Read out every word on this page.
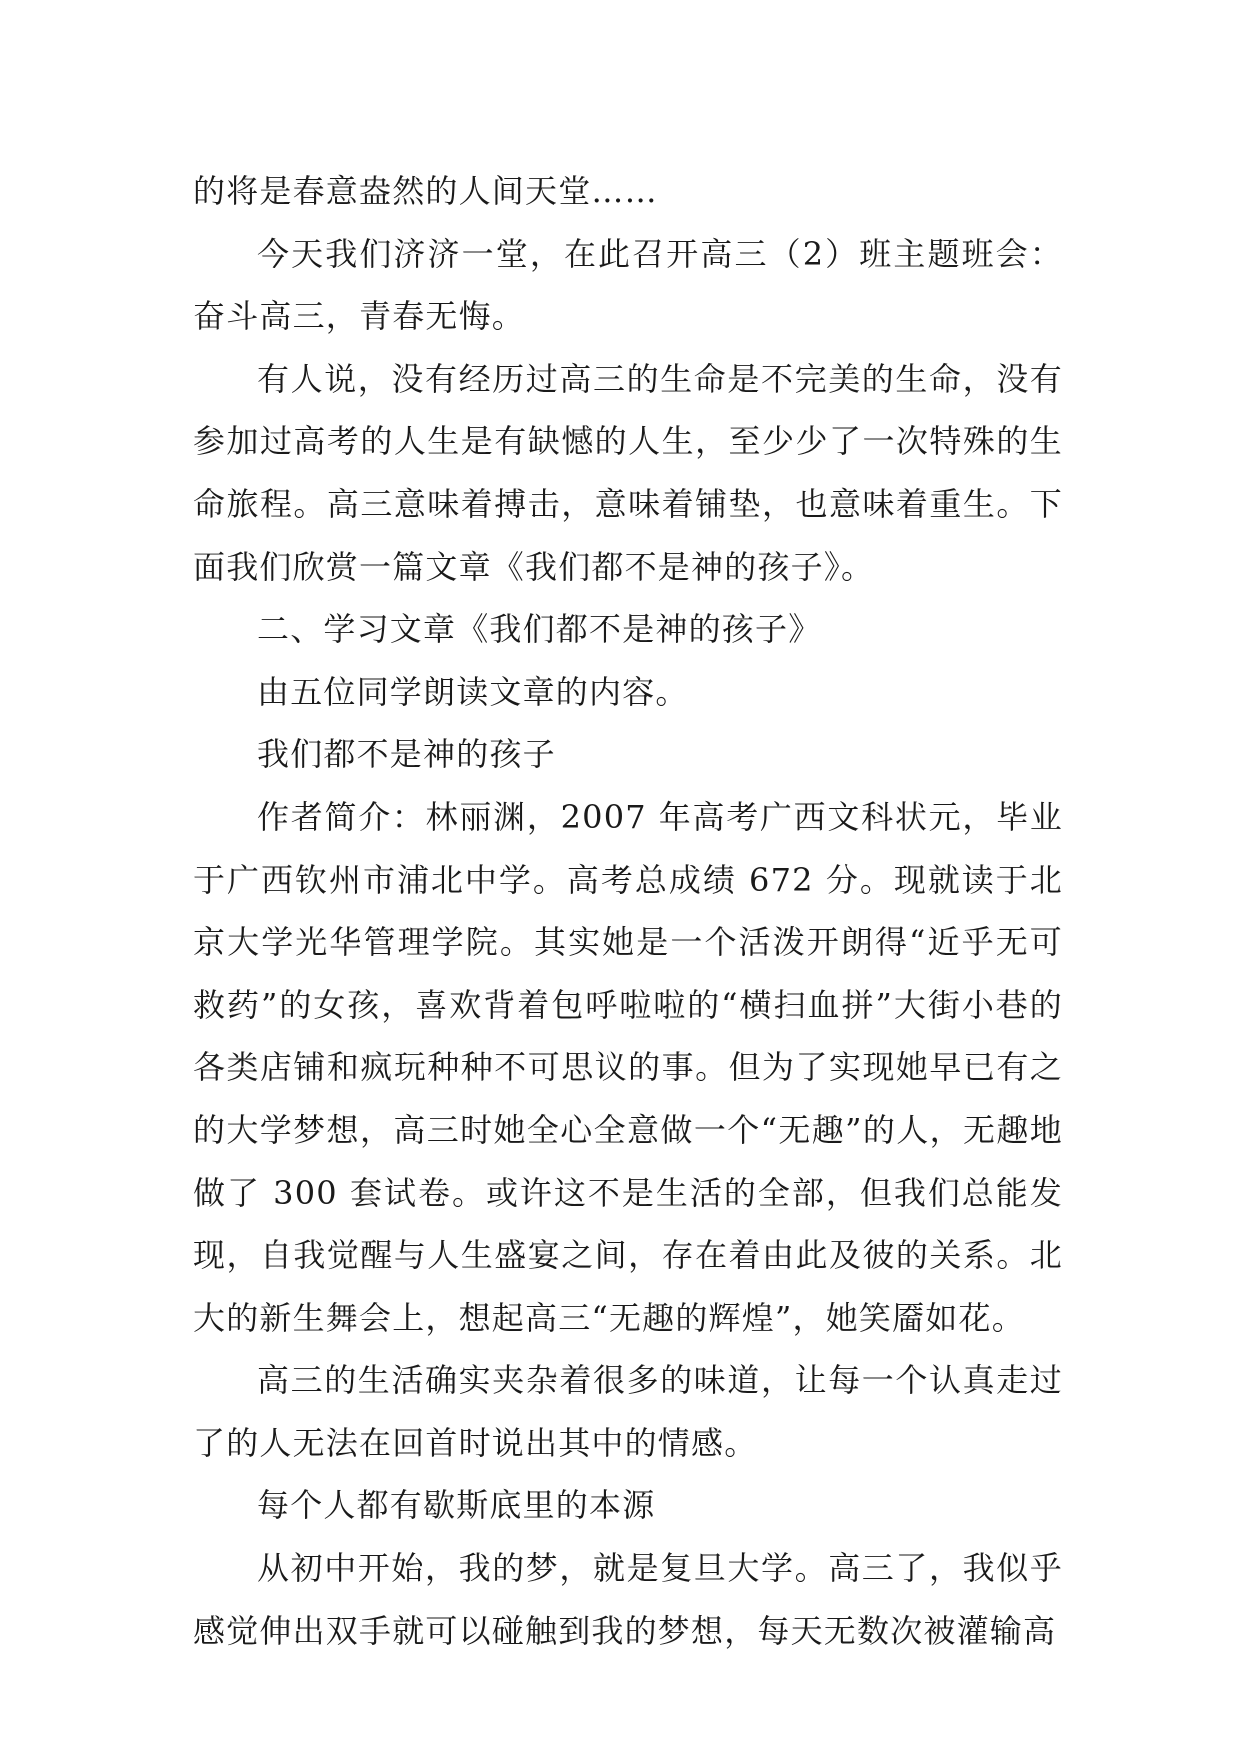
的将是春意盎然的人间天堂……

今天我们济济一堂，在此召开高三（2）班主题班会：奋斗高三，青春无悔。

有人说，没有经历过高三的生命是不完美的生命，没有参加过高考的人生是有缺憾的人生，至少少了一次特殊的生命旅程。高三意味着搏击，意味着铺垫，也意味着重生。下面我们欣赏一篇文章《我们都不是神的孩子》。

二、学习文章《我们都不是神的孩子》

由五位同学朗读文章的内容。

我们都不是神的孩子

作者简介：林丽渊，2007 年高考广西文科状元，毕业于广西钦州市浦北中学。高考总成绩 672 分。现就读于北京大学光华管理学院。其实她是一个活泼开朗得“近乎无可救药”的女孩，喜欢背着包呼啦啦的“横扫血拼”大街小巷的各类店铺和疯玩种种不可思议的事。但为了实现她早已有之的大学梦想，高三时她全心全意做一个“无趣”的人，无趣地做了 300 套试卷。或许这不是生活的全部，但我们总能发现，自我觉醒与人生盛宴之间，存在着由此及彼的关系。北大的新生舞会上，想起高三“无趣的辉煌”，她笑靥如花。

高三的生活确实夹杂着很多的味道，让每一个认真走过了的人无法在回首时说出其中的情感。

每个人都有歇斯底里的本源

从初中开始，我的梦，就是复旦大学。高三了，我似乎感觉伸出双手就可以碰触到我的梦想，每天无数次被灌输高
